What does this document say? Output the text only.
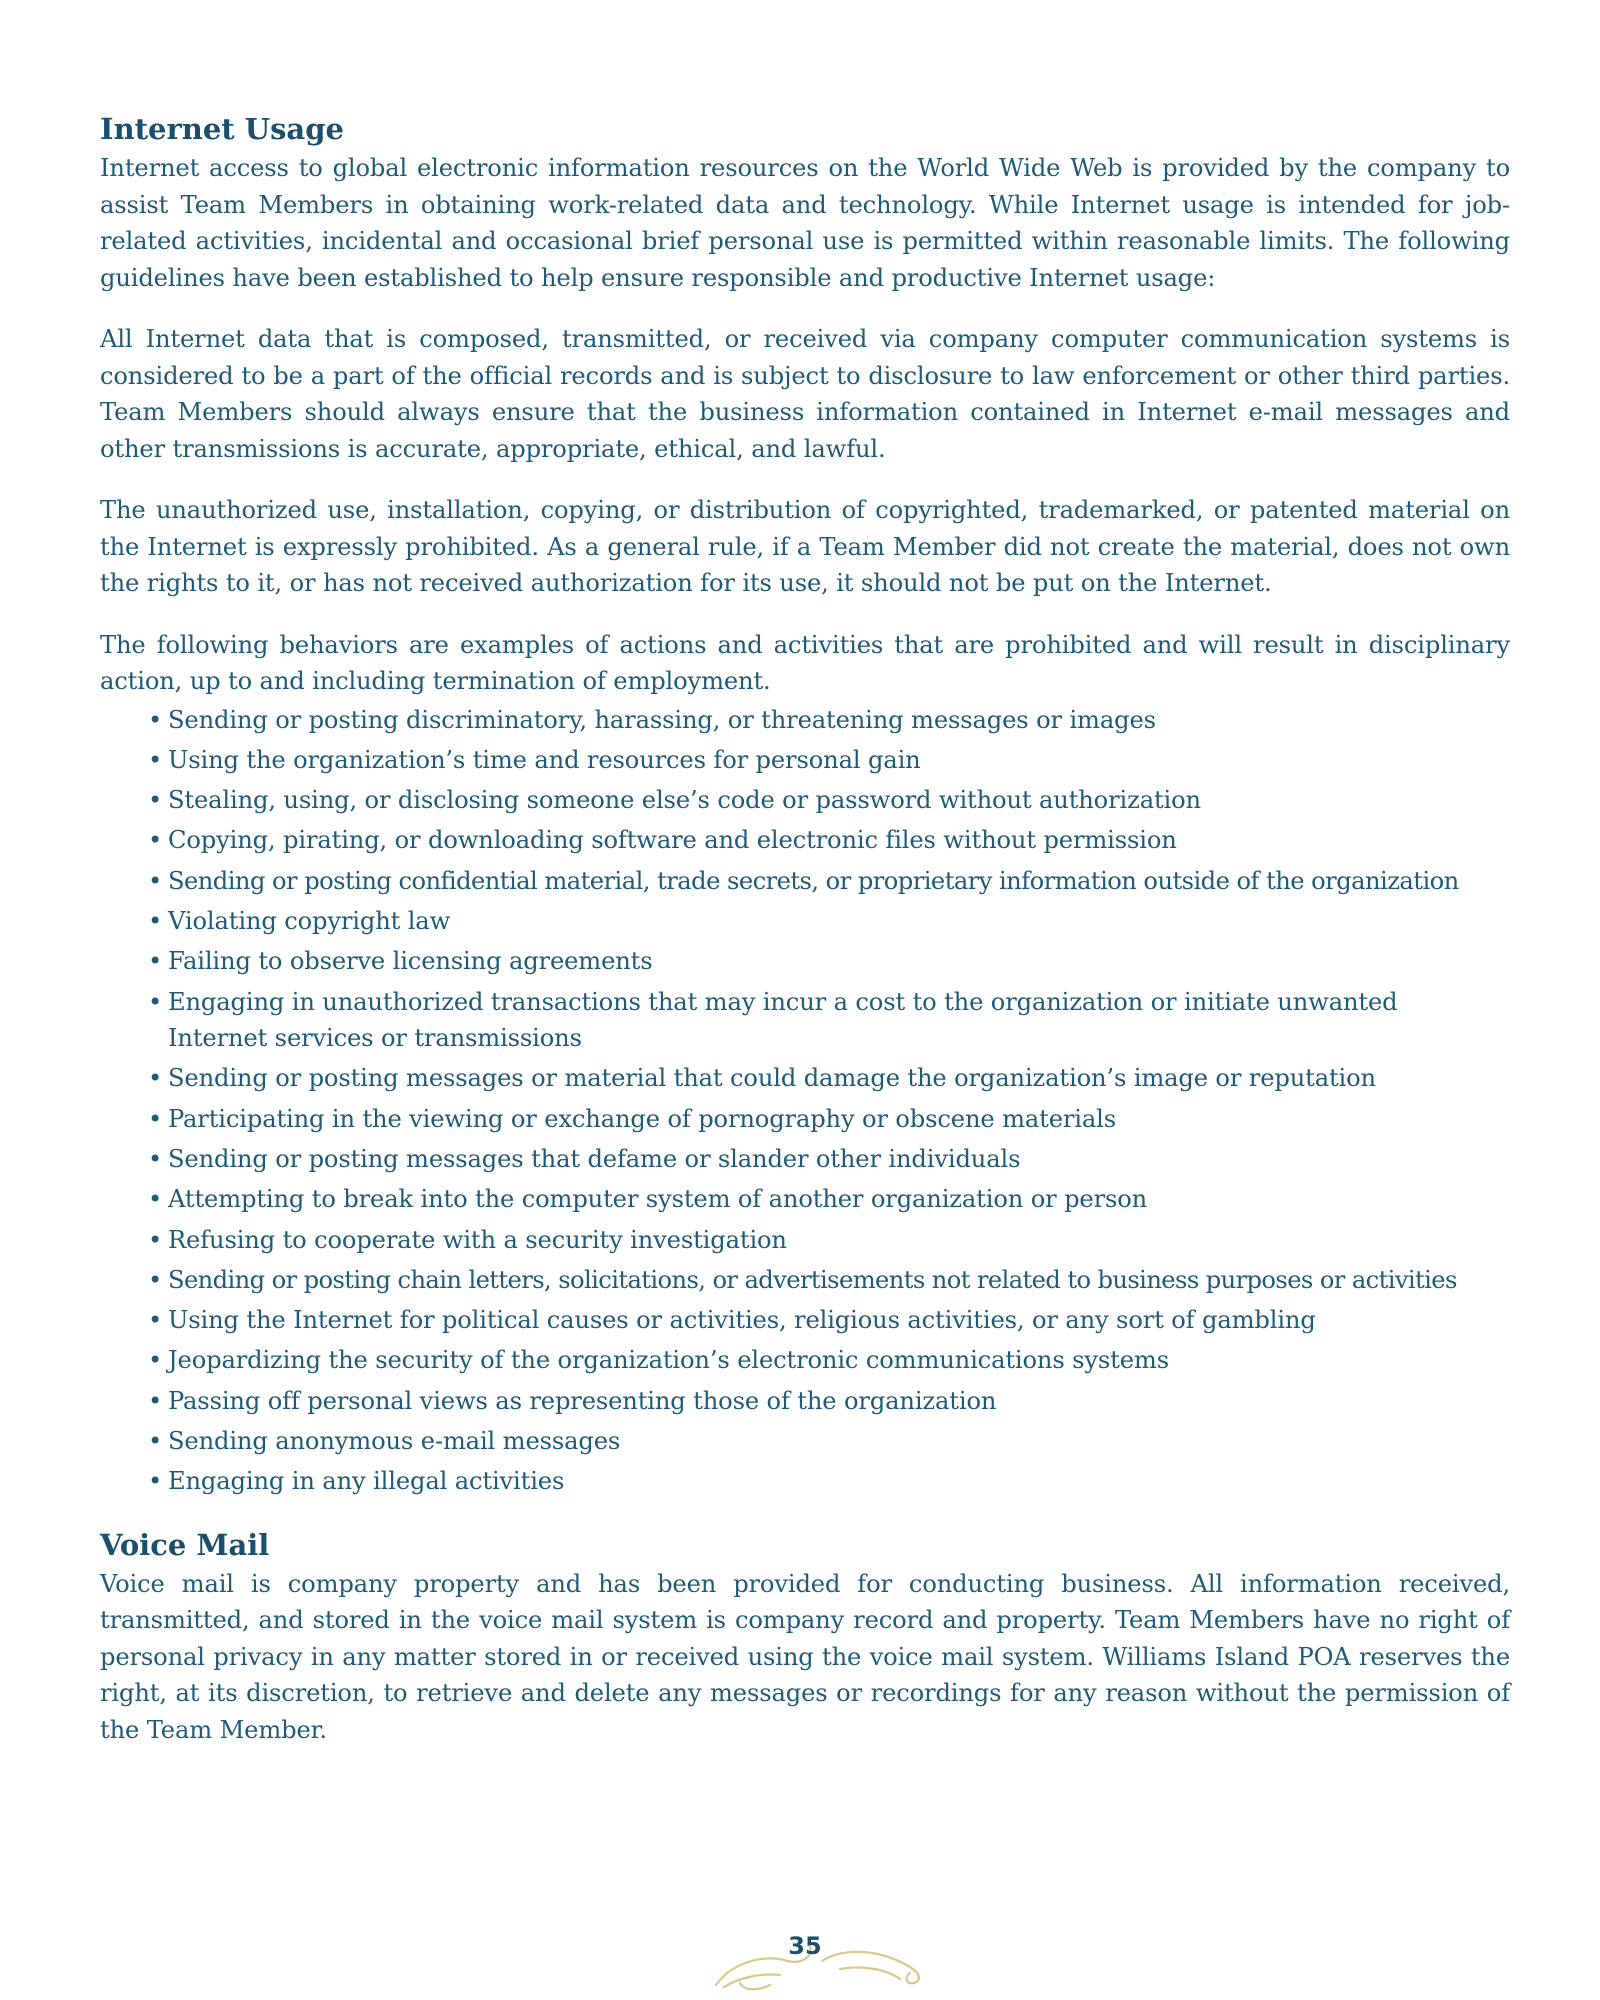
Internet Usage

Internet access to global electronic information resources on the World Wide Web is provided by the company to assist Team Members in obtaining work-related data and technology. While Internet usage is intended for job-related activities, incidental and occasional brief personal use is permitted within reasonable limits. The following guidelines have been established to help ensure responsible and productive Internet usage:

All Internet data that is composed, transmitted, or received via company computer communication systems is considered to be a part of the official records and is subject to disclosure to law enforcement or other third parties. Team Members should always ensure that the business information contained in Internet e-mail messages and other transmissions is accurate, appropriate, ethical, and lawful.

The unauthorized use, installation, copying, or distribution of copyrighted, trademarked, or patented material on the Internet is expressly prohibited. As a general rule, if a Team Member did not create the material, does not own the rights to it, or has not received authorization for its use, it should not be put on the Internet.

The following behaviors are examples of actions and activities that are prohibited and will result in disciplinary action, up to and including termination of employment.

• Sending or posting discriminatory, harassing, or threatening messages or images
• Using the organization’s time and resources for personal gain
• Stealing, using, or disclosing someone else’s code or password without authorization
• Copying, pirating, or downloading software and electronic files without permission
• Sending or posting confidential material, trade secrets, or proprietary information outside of the organization
• Violating copyright law
• Failing to observe licensing agreements
• Engaging in unauthorized transactions that may incur a cost to the organization or initiate unwanted Internet services or transmissions
• Sending or posting messages or material that could damage the organization’s image or reputation
• Participating in the viewing or exchange of pornography or obscene materials
• Sending or posting messages that defame or slander other individuals
• Attempting to break into the computer system of another organization or person
• Refusing to cooperate with a security investigation
• Sending or posting chain letters, solicitations, or advertisements not related to business purposes or activities
• Using the Internet for political causes or activities, religious activities, or any sort of gambling
• Jeopardizing the security of the organization’s electronic communications systems
• Passing off personal views as representing those of the organization
• Sending anonymous e-mail messages
• Engaging in any illegal activities
Voice Mail

Voice mail is company property and has been provided for conducting business. All information received, transmitted, and stored in the voice mail system is company record and property. Team Members have no right of personal privacy in any matter stored in or received using the voice mail system. Williams Island POA reserves the right, at its discretion, to retrieve and delete any messages or recordings for any reason without the permission of the Team Member.

35
